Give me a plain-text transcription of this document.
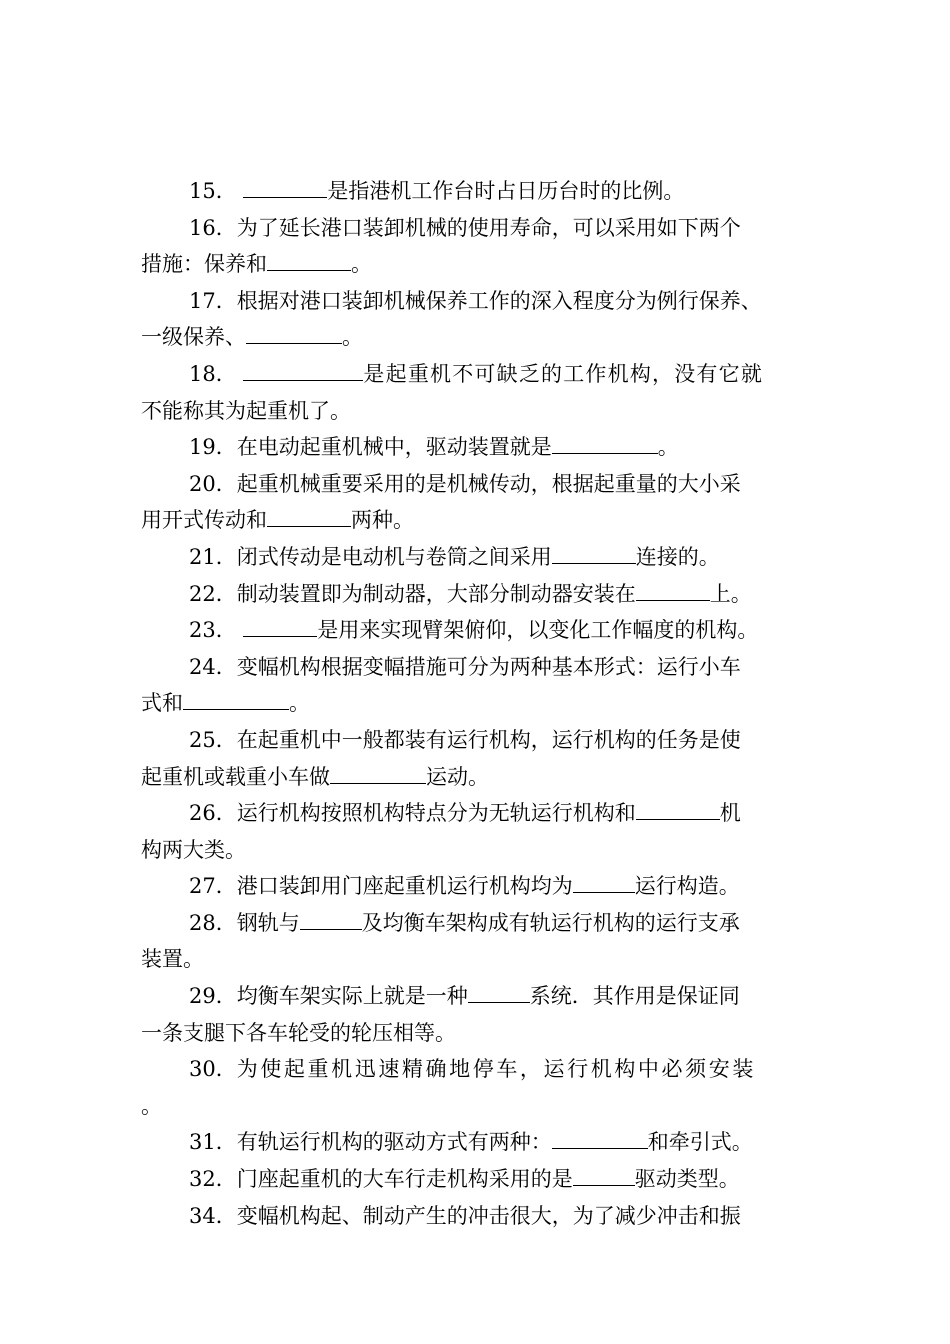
15．	是指港机工作台时占日历台时的比例。
16．为了延长港口装卸机械的使用寿命，可以采用如下两个
措施：保养和	。
17．根据对港口装卸机械保养工作的深入程度分为例行保养、
一级保养、	。
18．	是起重机不可缺乏的工作机构，没有它就
不能称其为起重机了。
19．在电动起重机械中，驱动装置就是	。
20．起重机械重要采用的是机械传动，根据起重量的大小采
用开式传动和	两种。
21．闭式传动是电动机与卷筒之间采用	连接的。
22．制动装置即为制动器，大部分制动器安装在	上。
23．	是用来实现臂架俯仰，以变化工作幅度的机构。
24．变幅机构根据变幅措施可分为两种基本形式：运行小车
式和	。
25．在起重机中一般都装有运行机构，运行机构的任务是使
起重机或载重小车做	运动。
26．运行机构按照机构特点分为无轨运行机构和	机
构两大类。
27．港口装卸用门座起重机运行机构均为	运行构造。
28．钢轨与	及均衡车架构成有轨运行机构的运行支承
装置。
29．均衡车架实际上就是一种	系统．其作用是保证同
一条支腿下各车轮受的轮压相等。
30．为使起重机迅速精确地停车，运行机构中必须安装
。
31．有轨运行机构的驱动方式有两种：	和牵引式。
32．门座起重机的大车行走机构采用的是	驱动类型。
34．变幅机构起、制动产生的冲击很大，为了减少冲击和振
